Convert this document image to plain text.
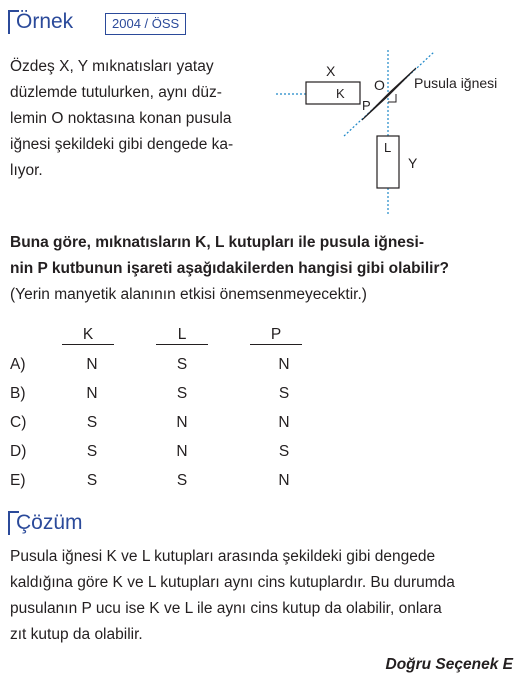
Örnek	2004 / ÖSS
Özdeş X, Y mıknatısları yatay
düzlemde tutulurken, aynı düz-
lemin O noktasına konan pusula
iğnesi şekildeki gibi dengede ka-
lıyor.
X
K
O
P
Pusula iğnesi
L
Y
Buna göre, mıknatısların K, L kutupları ile pusula iğnesi-
nin P kutbunun işareti aşağıdakilerden hangisi gibi olabilir?
(Yerin manyetik alanının etkisi önemsenmeyecektir.)
K	L	P
A)	N	S	N
B)	N	S	S
C)	S	N	N
D)	S	N	S
E)	S	S	N
Çözüm
Pusula iğnesi K ve L kutupları arasında şekildeki gibi dengede
kaldığına göre K ve L kutupları aynı cins kutuplardır. Bu durumda
pusulanın P ucu ise K ve L ile aynı cins kutup da olabilir, onlara
zıt kutup da olabilir.
Doğru Seçenek E
